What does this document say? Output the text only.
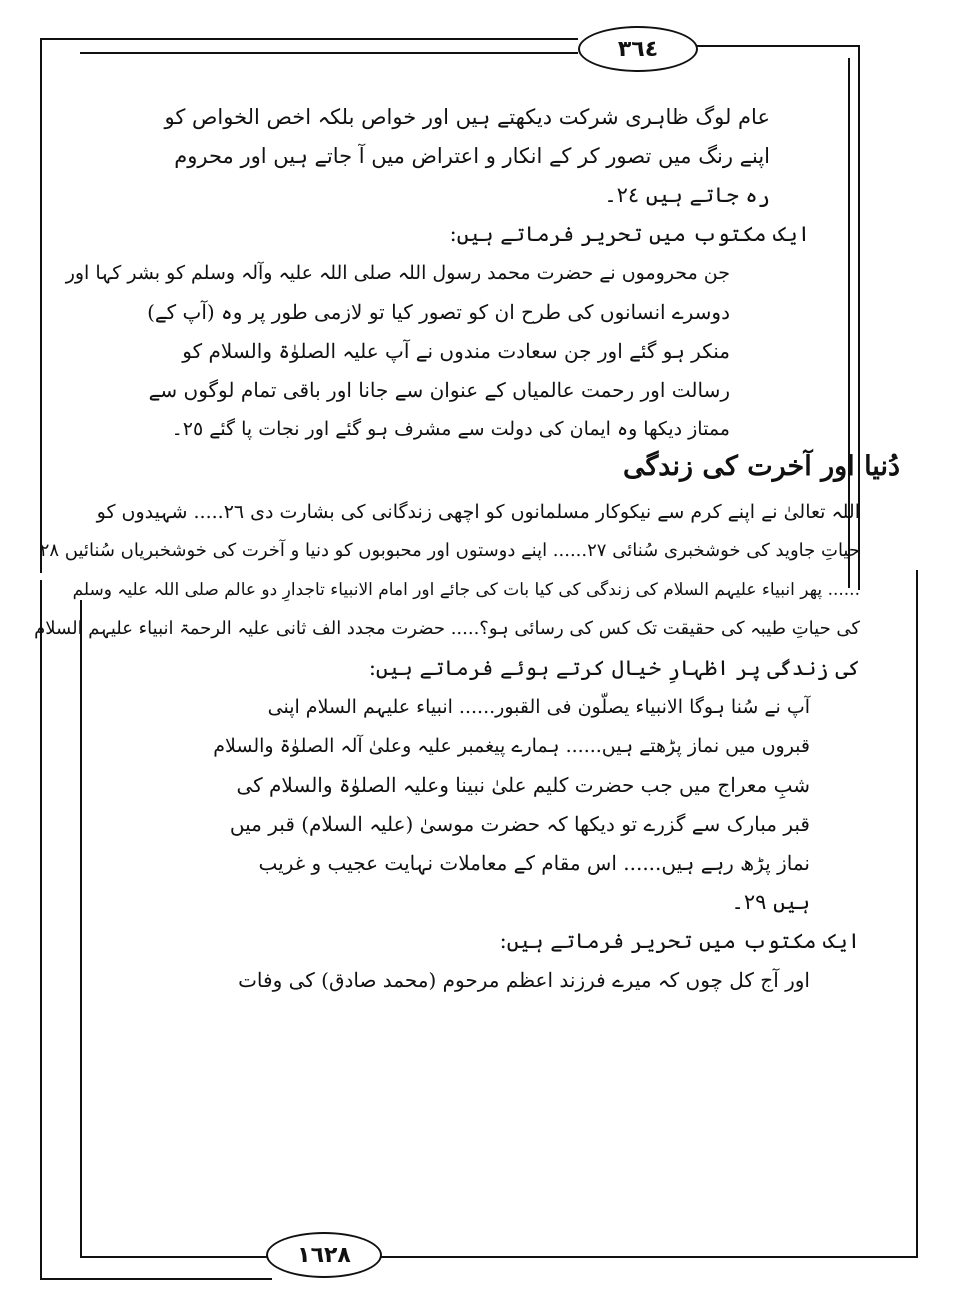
٣٦٤
١٦٢٨
عام لوگ ظاہری شرکت دیکھتے ہیں اور خواص بلکہ اخص الخواص کو
اپنے رنگ میں تصور کر کے انکار و اعتراض میں آ جاتے ہیں اور محروم
رہ جاتے ہیں ٢٤۔
ایک مکتوب میں تحریر فرماتے ہیں:
جن محروموں نے حضرت محمد رسول اللہ صلی اللہ علیہ وآلہ وسلم کو بشر کہا اور
دوسرے انسانوں کی طرح ان کو تصور کیا تو لازمی طور پر وہ (آپ کے)
منکر ہو گئے اور جن سعادت مندوں نے آپ علیہ الصلوٰۃ والسلام کو
رسالت اور رحمت عالمیاں کے عنوان سے جانا اور باقی تمام لوگوں سے
ممتاز دیکھا وہ ایمان کی دولت سے مشرف ہو گئے اور نجات پا گئے ٢٥۔
دُنیا اور آخرت کی زندگی
اللہ تعالیٰ نے اپنے کرم سے نیکوکار مسلمانوں کو اچھی زندگانی کی بشارت دی ٢٦..... شہیدوں کو
حیاتِ جاوید کی خوشخبری سُنائی ٢٧...... اپنے دوستوں اور محبوبوں کو دنیا و آخرت کی خوشخبریاں سُنائیں ٢٨
...... پھر انبیاء علیہم السلام کی زندگی کی کیا بات کی جائے اور امام الانبیاء تاجدارِ دو عالم صلی اللہ علیہ وسلم
کی حیاتِ طیبہ کی حقیقت تک کس کی رسائی ہو؟..... حضرت مجدد الف ثانی علیہ الرحمۃ انبیاء علیہم السلام
کی زندگی پر اظہارِ خیال کرتے ہوئے فرماتے ہیں:
آپ نے سُنا ہوگا الانبیاء یصلّون فی القبور...... انبیاء علیہم السلام اپنی
قبروں میں نماز پڑھتے ہیں...... ہمارے پیغمبر علیہ وعلیٰ آلہ الصلوٰۃ والسلام
شبِ معراج میں جب حضرت کلیم علیٰ نبینا وعلیہ الصلوٰۃ والسلام کی
قبر مبارک سے گزرے تو دیکھا کہ حضرت موسیٰ (علیہ السلام) قبر میں
نماز پڑھ رہے ہیں...... اس مقام کے معاملات نہایت عجیب و غریب
ہیں ٢٩۔
ایک مکتوب میں تحریر فرماتے ہیں:
اور آج کل چوں کہ میرے فرزند اعظم مرحوم (محمد صادق) کی وفات
